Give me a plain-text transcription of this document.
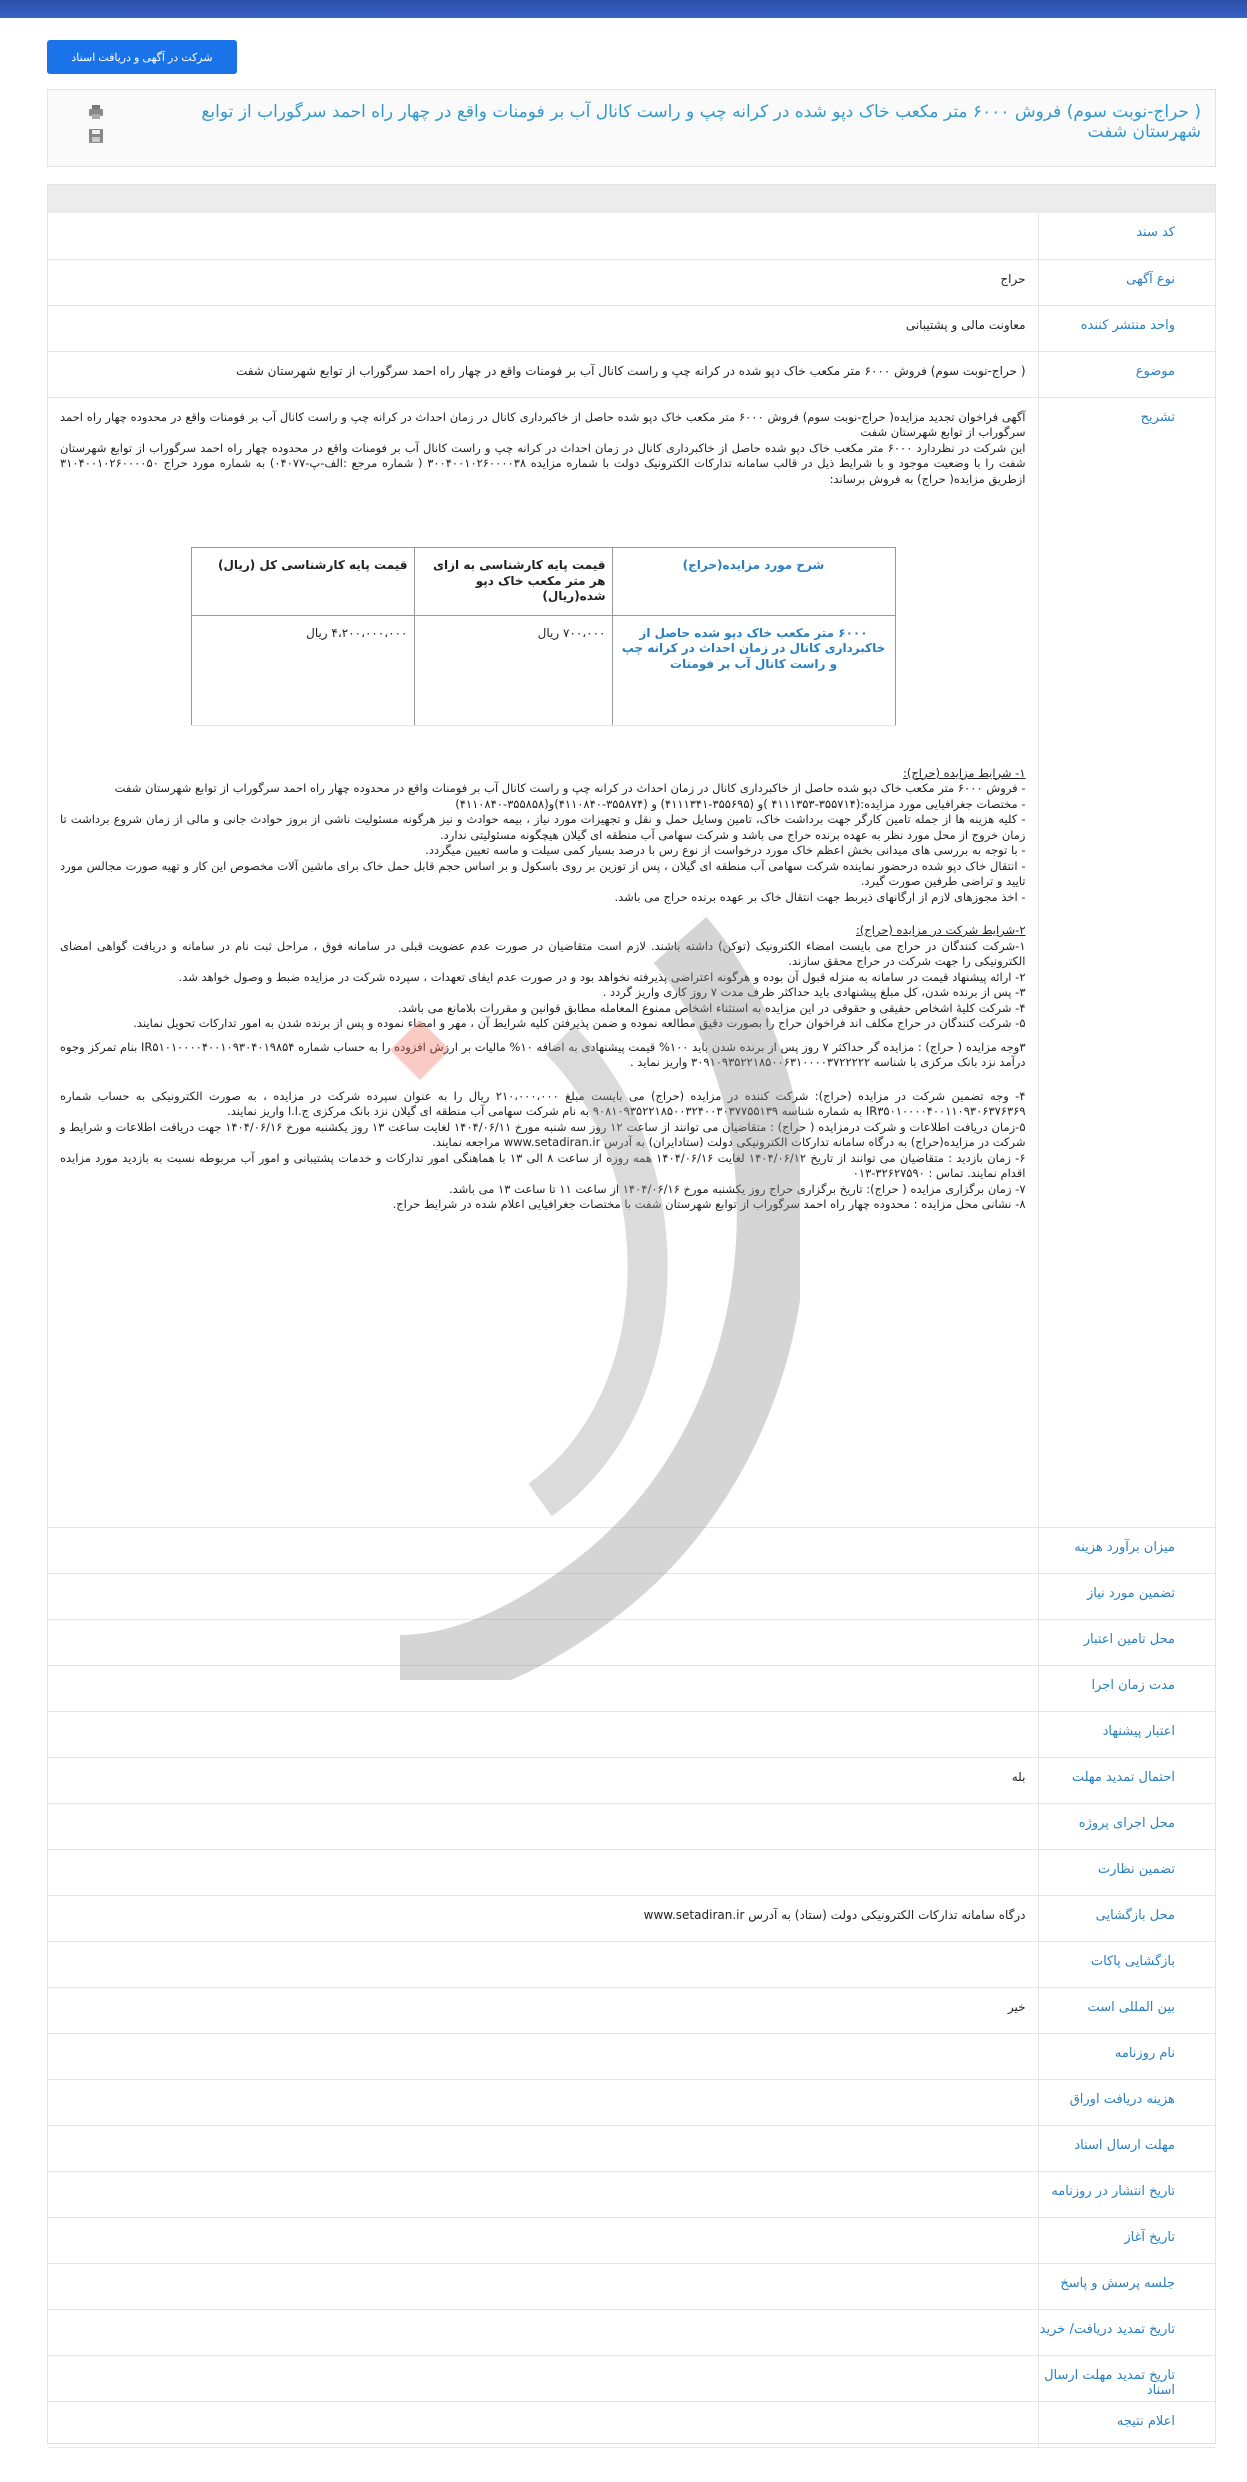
شرکت در آگهی و دریافت اسناد
( حراج-نوبت سوم) فروش ۶۰۰۰ متر مکعب خاک دپو شده در کرانه چپ و راست کانال آب بر فومنات واقع در چهار راه احمد سرگوراب از توابع شهرستان شفت
کد سند	
نوع آگهی	حراج
واحد منتشر کننده	معاونت مالی و پشتیبانی
موضوع	( حراج-نوبت سوم) فروش ۶۰۰۰ متر مکعب خاک دپو شده در کرانه چپ و راست کانال آب بر فومنات واقع در چهار راه احمد سرگوراب از توابع شهرستان شفت
تشریح	

آگهی فراخوان تجدید مزایده( حراج-نوبت سوم) فروش ۶۰۰۰ متر مکعب خاک دپو شده حاصل از خاکبرداری کانال در زمان احداث در کرانه چپ و راست کانال آب بر فومنات واقع در محدوده چهار راه احمد سرگوراب از توابع شهرستان شفت

این شرکت در نظردارد ۶۰۰۰ متر مکعب خاک دپو شده حاصل از خاکبرداری کانال در زمان احداث در کرانه چپ و راست کانال آب بر فومنات واقع در محدوده چهار راه احمد سرگوراب از توابع شهرستان شفت را با وضعیت موجود و با شرایط ذیل در قالب سامانه تدارکات الکترونیک دولت با شماره مزایده ۳۰۰۴۰۰۱۰۲۶۰۰۰۰۳۸ ( شماره مرجع :الف-پ-۰۴۰۷۷) به شماره مورد حراج ۳۱۰۴۰۰۱۰۲۶۰۰۰۰۵۰ ازطریق مزایده( حراج) به فروش برساند:

شرح مورد مزایده(حراج)	قیمت پایه کارشناسی به ازای هر متر مکعب خاک دپو شده(ریال)	قیمت پایه کارشناسی کل (ریال)
۶۰۰۰ متر مکعب خاک دپو شده حاصل از خاکبرداری کانال در زمان احداث در کرانه چپ و راست کانال آب بر فومنات	۷۰۰،۰۰۰ ریال	۴،۲۰۰،۰۰۰،۰۰۰ ریال

۱- شرایط مزایده (حراج):

- فروش ۶۰۰۰ متر مکعب خاک دپو شده حاصل از خاکبرداری کانال در زمان احداث در کرانه چپ و راست کانال آب بر فومنات واقع در محدوده چهار راه احمد سرگوراب از توابع شهرستان شفت

- مختصات جغرافیایی مورد مزایده:(۳۵۵۷۱۴-۴۱۱۱۳۵۳ )و (۳۵۵۶۹۵-۴۱۱۱۳۴۱) و (۳۵۵۸۷۴-۴۱۱۰۸۴۰)و(۳۵۵۸۵۸-۴۱۱۰۸۴۰)

- کلیه هزینه ها از جمله تامین کارگر جهت برداشت خاک، تامین وسایل حمل و نقل و تجهیزات مورد نیاز ، بیمه حوادث و نیز هرگونه مسئولیت ناشی از بروز حوادث جانی و مالی از زمان شروع برداشت تا زمان خروج از محل مورد نظر به عهده برنده حراج می باشد و شرکت سهامی آب منطقه ای گیلان هیچگونه مسئولیتی ندارد.

- با توجه به بررسی های میدانی بخش اعظم خاک مورد درخواست از نوع رس با درصد بسیار کمی سیلت و ماسه تعیین میگردد.

- انتقال خاک دپو شده درحضور نماینده شرکت سهامی آب منطقه ای گیلان ، پس از توزین بر روی باسکول و بر اساس حجم قابل حمل خاک برای ماشین آلات مخصوص این کار و تهیه صورت مجالس مورد تایید و تراضی طرفین صورت گیرد.

- اخذ مجوزهای لازم از ارگانهای ذیربط جهت انتقال خاک بر عهده برنده حراج می باشد.

۲-شرایط شرکت در مزایده (حراج):

۱-شرکت کنندگان در حراج می بایست امضاء الکترونیک (توکن) داشته باشند. لازم است متقاضیان در صورت عدم عضویت قبلی در سامانه فوق ، مراحل ثبت نام در سامانه و دریافت گواهی امضای الکترونیکی را جهت شرکت در حراج محقق سازند.

۲- ارائه پیشنهاد قیمت در سامانه به منزله قبول آن بوده و هرگونه اعتراضی پذیرفته نخواهد بود و در صورت عدم ایفای تعهدات ، سپرده شرکت در مزایده ضبط و وصول خواهد شد.

۳- پس از برنده شدن، کل مبلغ پیشنهادی باید حداکثر ظرف مدت ۷ روز کاری واریز گردد .

۴- شرکت کلیهٔ اشخاص حقیقی و حقوقی در این مزایده به استثناء اشخاص ممنوع المعامله مطابق قوانین و مقررات بلامانع می باشد.

۵- شرکت کنندگان در حراج مکلف اند فراخوان حراج را بصورت دقیق مطالعه نموده و ضمن پذیرفتن کلیه شرایط آن ، مهر و امضاء نموده و پس از برنده شدن به امور تدارکات تحویل نمایند.

۳وجه مزایده ( حراج) : مزایده گر حداکثر ۷ روز پس از برنده شدن باید ۱۰۰% قیمت پیشنهادی به اضافه ۱۰% مالیات بر ارزش افزوده را به حساب شماره IR۵۱۰۱۰۰۰۰۴۰۰۱۰۹۳۰۴۰۱۹۸۵۴ بنام تمرکز وجوه درآمد نزد بانک مرکزی با شناسه ۳۰۹۱۰۹۳۵۲۲۱۸۵۰۰۶۳۱۰۰۰۰۳۷۲۲۲۲۲ واریز نماید .

۴- وجه تضمین شرکت در مزایده (حراج): شرکت کننده در مزایده (حراج) می بایست مبلغ ۲۱۰،۰۰۰،۰۰۰ ریال را به عنوان سپرده شرکت در مزایده ، به صورت الکترونیکی به حساب شماره IR۳۵۰۱۰۰۰۰۴۰۰۱۱۰۹۳۰۶۳۷۶۳۶۹ به شماره شناسه ۹۰۸۱۰۹۳۵۲۲۱۸۵۰۰۳۲۴۰۰۳۰۳۷۷۵۵۱۳۹ به نام شرکت سهامی آب منطقه ای گیلان نزد بانک مرکزی ج.ا.ا واریز نمایند.

۵-زمان دریافت اطلاعات و شرکت درمزایده ( حراج) : متقاضیان می توانند از ساعت ۱۲ روز سه شنبه مورخ ۱۴۰۴/۰۶/۱۱ لغایت ساعت ۱۳ روز یکشنبه مورخ ۱۴۰۴/۰۶/۱۶ جهت دریافت اطلاعات و شرایط و شرکت در مزایده(حراج) به درگاه سامانه تدارکات الکترونیکی دولت (ستادایران) به آدرس www.setadiran.ir مراجعه نمایند.

۶- زمان بازدید : متقاضیان می توانند از تاریخ ۱۴۰۴/۰۶/۱۲ لغایت ۱۴۰۴/۰۶/۱۶ همه روزه از ساعت ۸ الی ۱۳ با هماهنگی امور تدارکات و خدمات پشتیبانی و امور آب مربوطه نسبت به بازدید مورد مزایده اقدام نمایند. تماس : ۳۲۶۲۷۵۹۰-۰۱۳

۷- زمان برگزاری مزایده ( حراج): تاریخ برگزاری حراج روز یکشنبه مورخ ۱۴۰۴/۰۶/۱۶ از ساعت ۱۱ تا ساعت ۱۳ می باشد.

۸- نشانی محل مزایده : محدوده چهار راه احمد سرگوراب از توابع شهرستان شفت با مختصات جغرافیایی اعلام شده در شرایط حراج.

میزان برآورد هزینه	
تضمین مورد نیاز	
محل تامین اعتبار	
مدت زمان اجرا	
اعتبار پیشنهاد	
احتمال تمدید مهلت	بله
محل اجرای پروژه	
تضمین نظارت	
محل بازگشایی	درگاه سامانه تدارکات الکترونیکی دولت (ستاد) به آدرس www.setadiran.ir
بازگشایی پاکات	
بین المللی است	خیر
نام روزنامه	
هزینه دریافت اوراق	
مهلت ارسال اسناد	
تاریخ انتشار در روزنامه	
تاریخ آغاز	
جلسه پرسش و پاسخ	
تاریخ تمدید دریافت/ خرید	
تاریخ تمدید مهلت ارسال اسناد	
اعلام نتیجه	
